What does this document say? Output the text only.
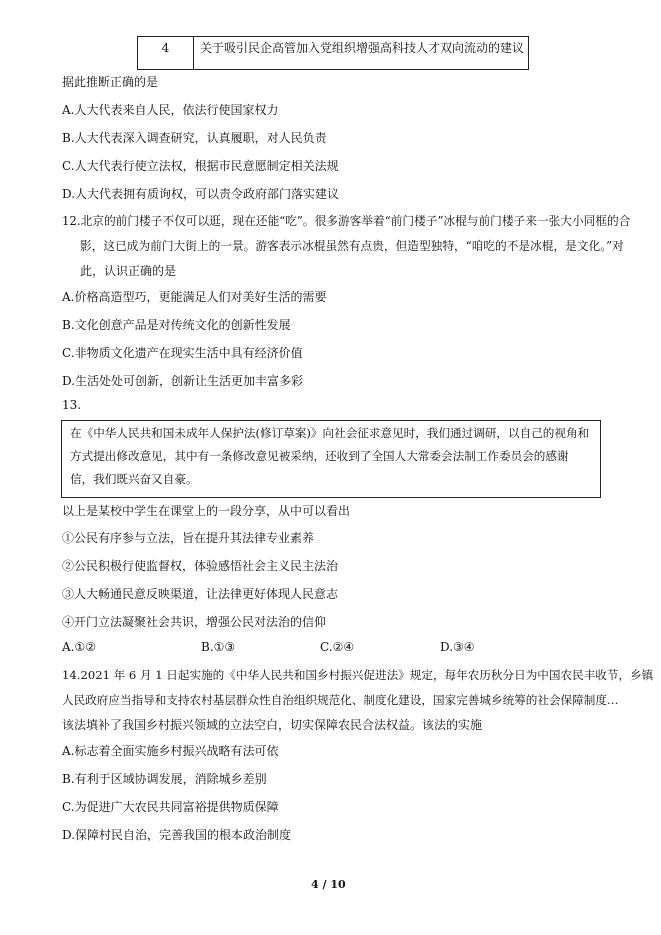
4	关于吸引民企高管加入党组织增强高科技人才双向流动的建议
据此推断正确的是
A.人大代表来自人民，依法行使国家权力
B.人大代表深入调查研究，认真履职，对人民负责
C.人大代表行使立法权，根据市民意愿制定相关法规
D.人大代表拥有质询权，可以责令政府部门落实建议
12.北京的前门楼子不仅可以逛，现在还能“吃”。很多游客举着“前门楼子”冰棍与前门楼子来一张大小同框的合
影，这已成为前门大街上的一景。游客表示冰棍虽然有点贵，但造型独特，“咱吃的不是冰棍，是文化。”对
此，认识正确的是
A.价格高造型巧，更能满足人们对美好生活的需要
B.文化创意产品是对传统文化的创新性发展
C.非物质文化遗产在现实生活中具有经济价值
D.生活处处可创新，创新让生活更加丰富多彩
13.
在《中华人民共和国未成年人保护法(修订草案)》向社会征求意见时，我们通过调研，以自己的视角和
方式提出修改意见，其中有一条修改意见被采纳，还收到了全国人大常委会法制工作委员会的感谢
信，我们既兴奋又自豪。
以上是某校中学生在课堂上的一段分享，从中可以看出
①公民有序参与立法，旨在提升其法律专业素养
②公民积极行使监督权，体验感悟社会主义民主法治
③人大畅通民意反映渠道，让法律更好体现人民意志
④开门立法凝聚社会共识，增强公民对法治的信仰
A.①②	B.①③	C.②④	D.③④
14.2021 年 6 月 1 日起实施的《中华人民共和国乡村振兴促进法》规定，每年农历秋分日为中国农民丰收节，乡镇
人民政府应当指导和支持农村基层群众性自治组织规范化、制度化建设，国家完善城乡统筹的社会保障制度…
该法填补了我国乡村振兴领域的立法空白，切实保障农民合法权益。该法的实施
A.标志着全面实施乡村振兴战略有法可依
B.有利于区域协调发展，消除城乡差别
C.为促进广大农民共同富裕提供物质保障
D.保障村民自治，完善我国的根本政治制度
4 / 10
